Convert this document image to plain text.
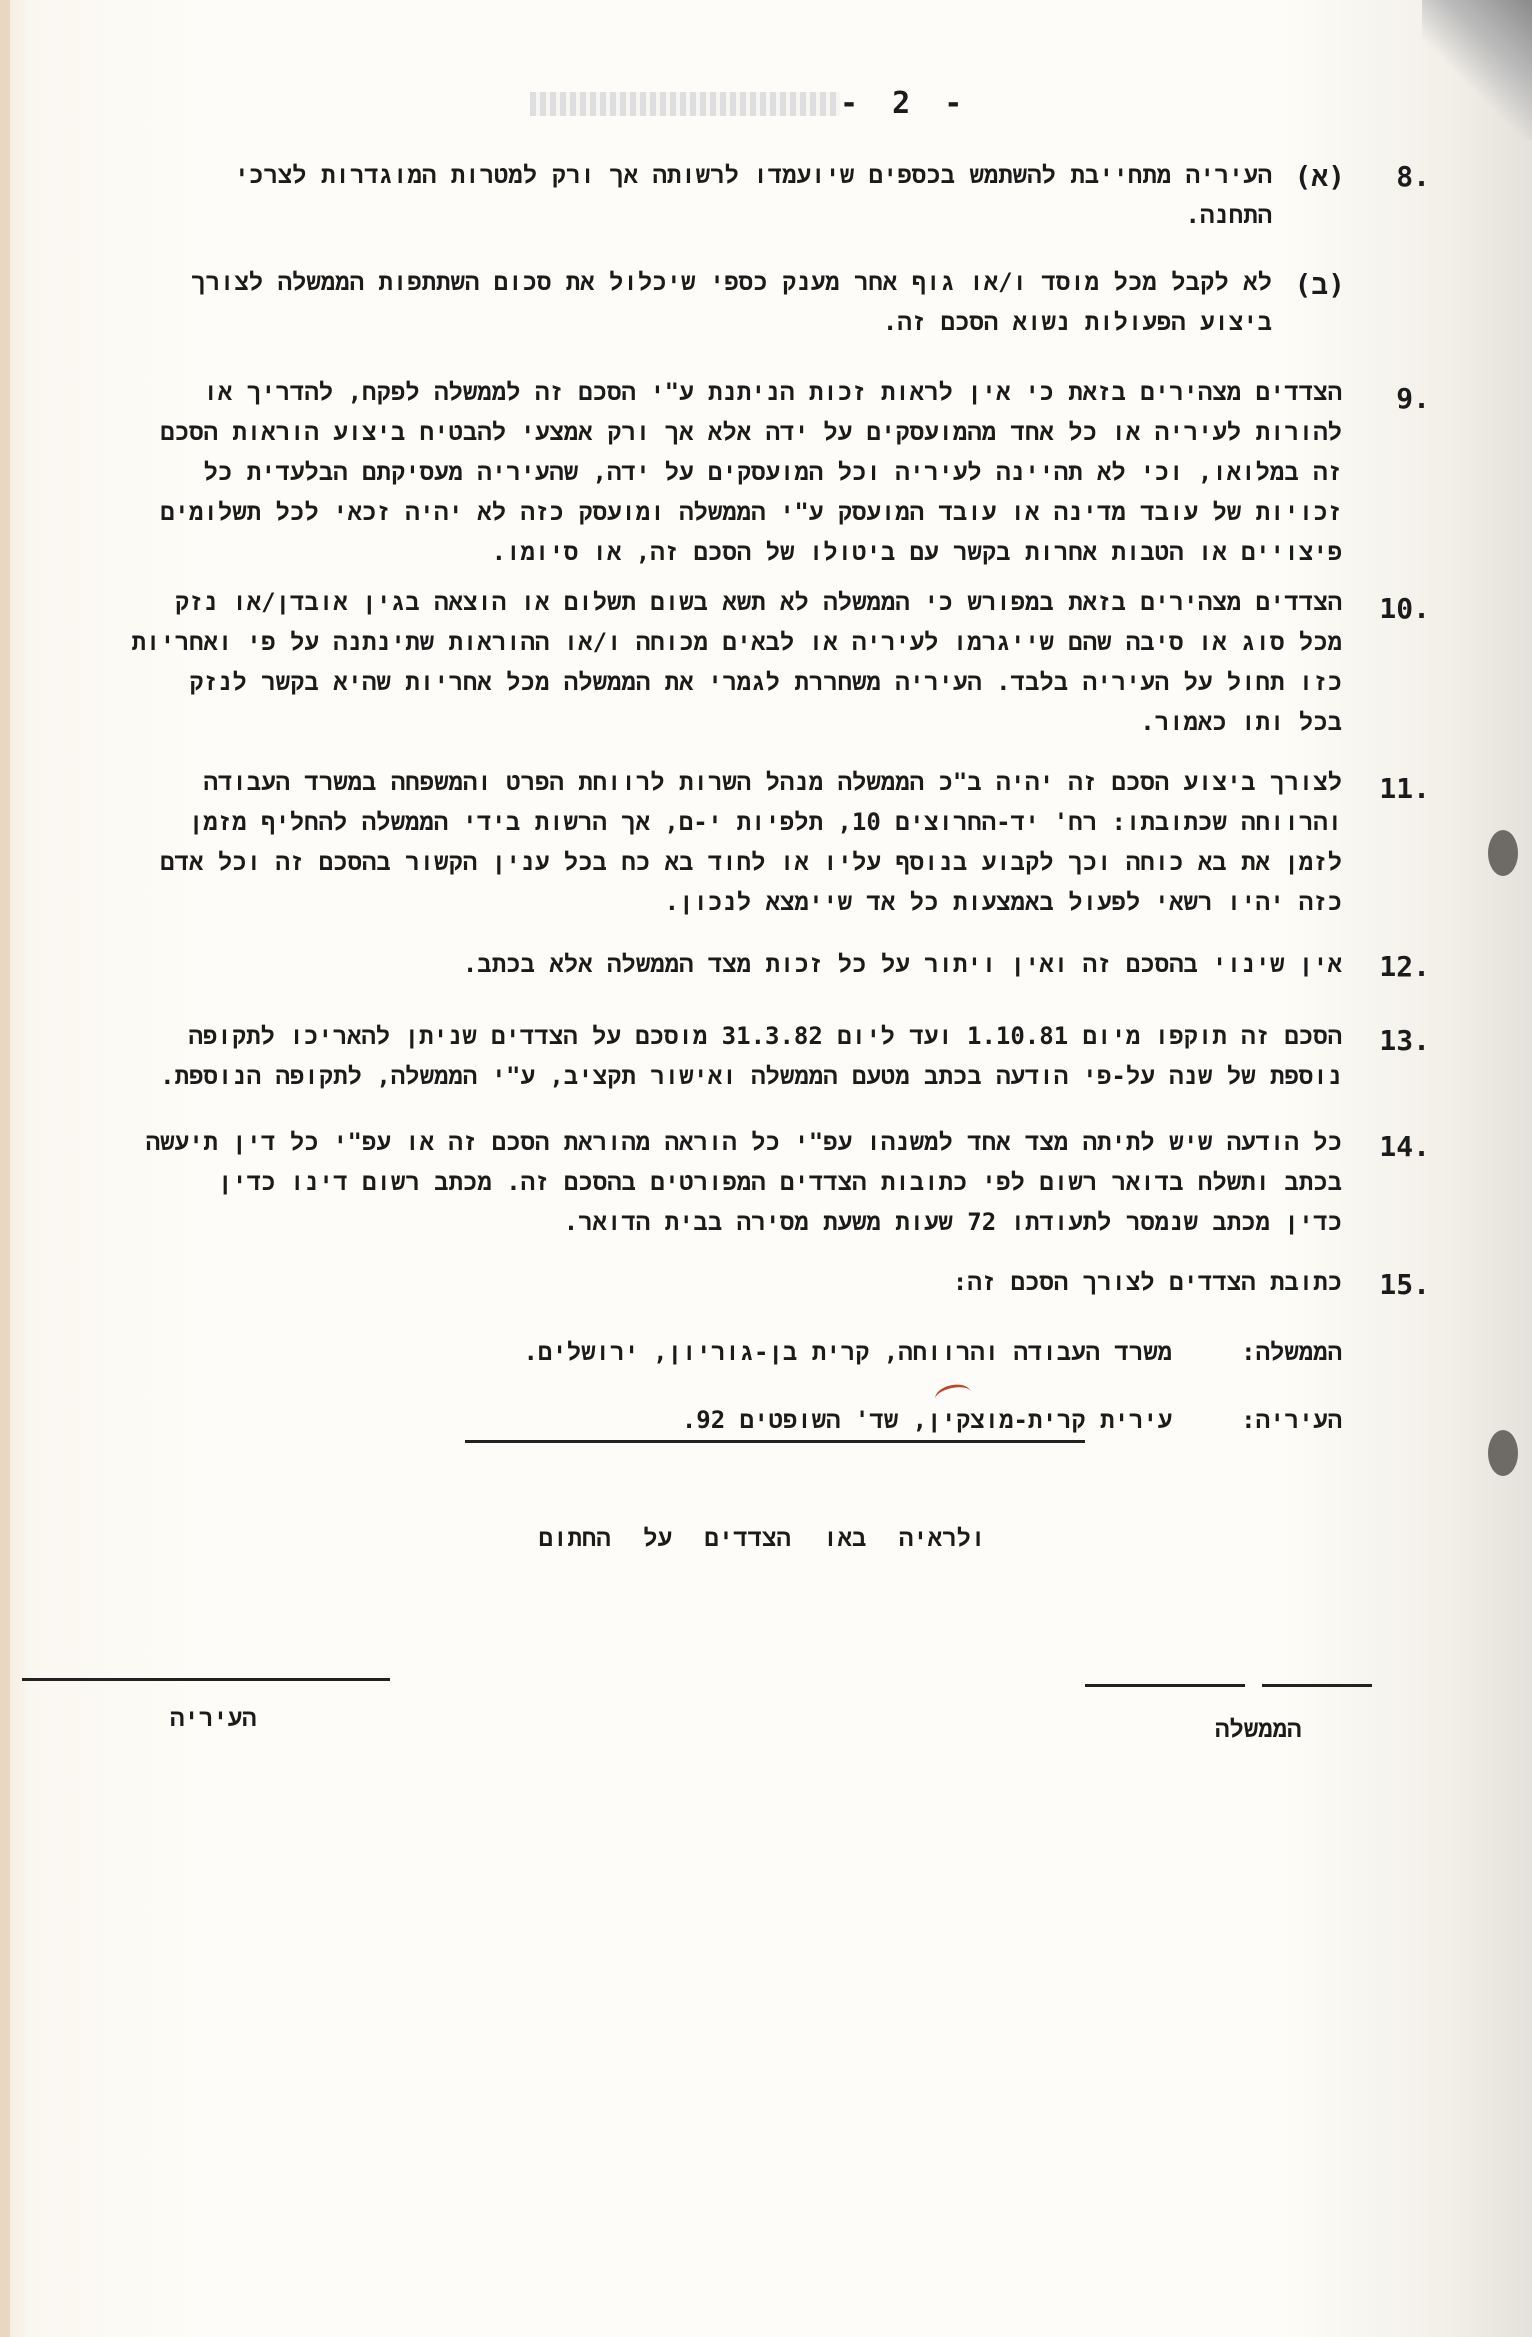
- 2 -
8.
(א)
העיריה מתחייבת להשתמש בכספים שיועמדו לרשותה אך ורק למטרות המוגדרות לצרכי
התחנה.
(ב)
לא לקבל מכל מוסד ו/או גוף אחר מענק כספי שיכלול את סכום השתתפות הממשלה לצורך
ביצוע הפעולות נשוא הסכם זה.
9.
הצדדים מצהירים בזאת כי אין לראות זכות הניתנת ע"י הסכם זה לממשלה לפקח, להדריך או
להורות לעיריה או כל אחד מהמועסקים על ידה אלא אך ורק אמצעי להבטיח ביצוע הוראות הסכם
זה במלואו, וכי לא תהיינה לעיריה וכל המועסקים על ידה, שהעיריה מעסיקתם הבלעדית כל
זכויות של עובד מדינה או עובד המועסק ע"י הממשלה ומועסק כזה לא יהיה זכאי לכל תשלומים
פיצויים או הטבות אחרות בקשר עם ביטולו של הסכם זה, או סיומו.
10.
הצדדים מצהירים בזאת במפורש כי הממשלה לא תשא בשום תשלום או הוצאה בגין אובדן/או נזק
מכל סוג או סיבה שהם שייגרמו לעיריה או לבאים מכוחה ו/או ההוראות שתינתנה על פי ואחריות
כזו תחול על העיריה בלבד. העיריה משחררת לגמרי את הממשלה מכל אחריות שהיא בקשר לנזק
בכל ותו כאמור.
11.
לצורך ביצוע הסכם זה יהיה ב"כ הממשלה מנהל השרות לרווחת הפרט והמשפחה במשרד העבודה
והרווחה שכתובתו: רח' יד-החרוצים 10, תלפיות י-ם, אך הרשות בידי הממשלה להחליף מזמן
לזמן את בא כוחה וכך לקבוע בנוסף עליו או לחוד בא כח בכל ענין הקשור בהסכם זה וכל אדם
כזה יהיו רשאי לפעול באמצעות כל אד שיימצא לנכון.
12.
אין שינוי בהסכם זה ואין ויתור על כל זכות מצד הממשלה אלא בכתב.
13.
הסכם זה תוקפו מיום 1.10.81 ועד ליום 31.3.82 מוסכם על הצדדים שניתן להאריכו לתקופה
נוספת של שנה על-פי הודעה בכתב מטעם הממשלה ואישור תקציב, ע"י הממשלה, לתקופה הנוספת.
14.
כל הודעה שיש לתיתה מצד אחד למשנהו עפ"י כל הוראה מהוראת הסכם זה או עפ"י כל דין תיעשה
בכתב ותשלח בדואר רשום לפי כתובות הצדדים המפורטים בהסכם זה. מכתב רשום דינו כדין
כדין מכתב שנמסר לתעודתו 72 שעות משעת מסירה בבית הדואר.
15.
כתובת הצדדים לצורך הסכם זה:
הממשלה:
משרד העבודה והרווחה, קרית בן-גוריון, ירושלים.
העיריה:
עירית קרית-מוצקין, שד' השופטים 92.
ולראיה באו הצדדים על החתום
העיריה	הממשלה
